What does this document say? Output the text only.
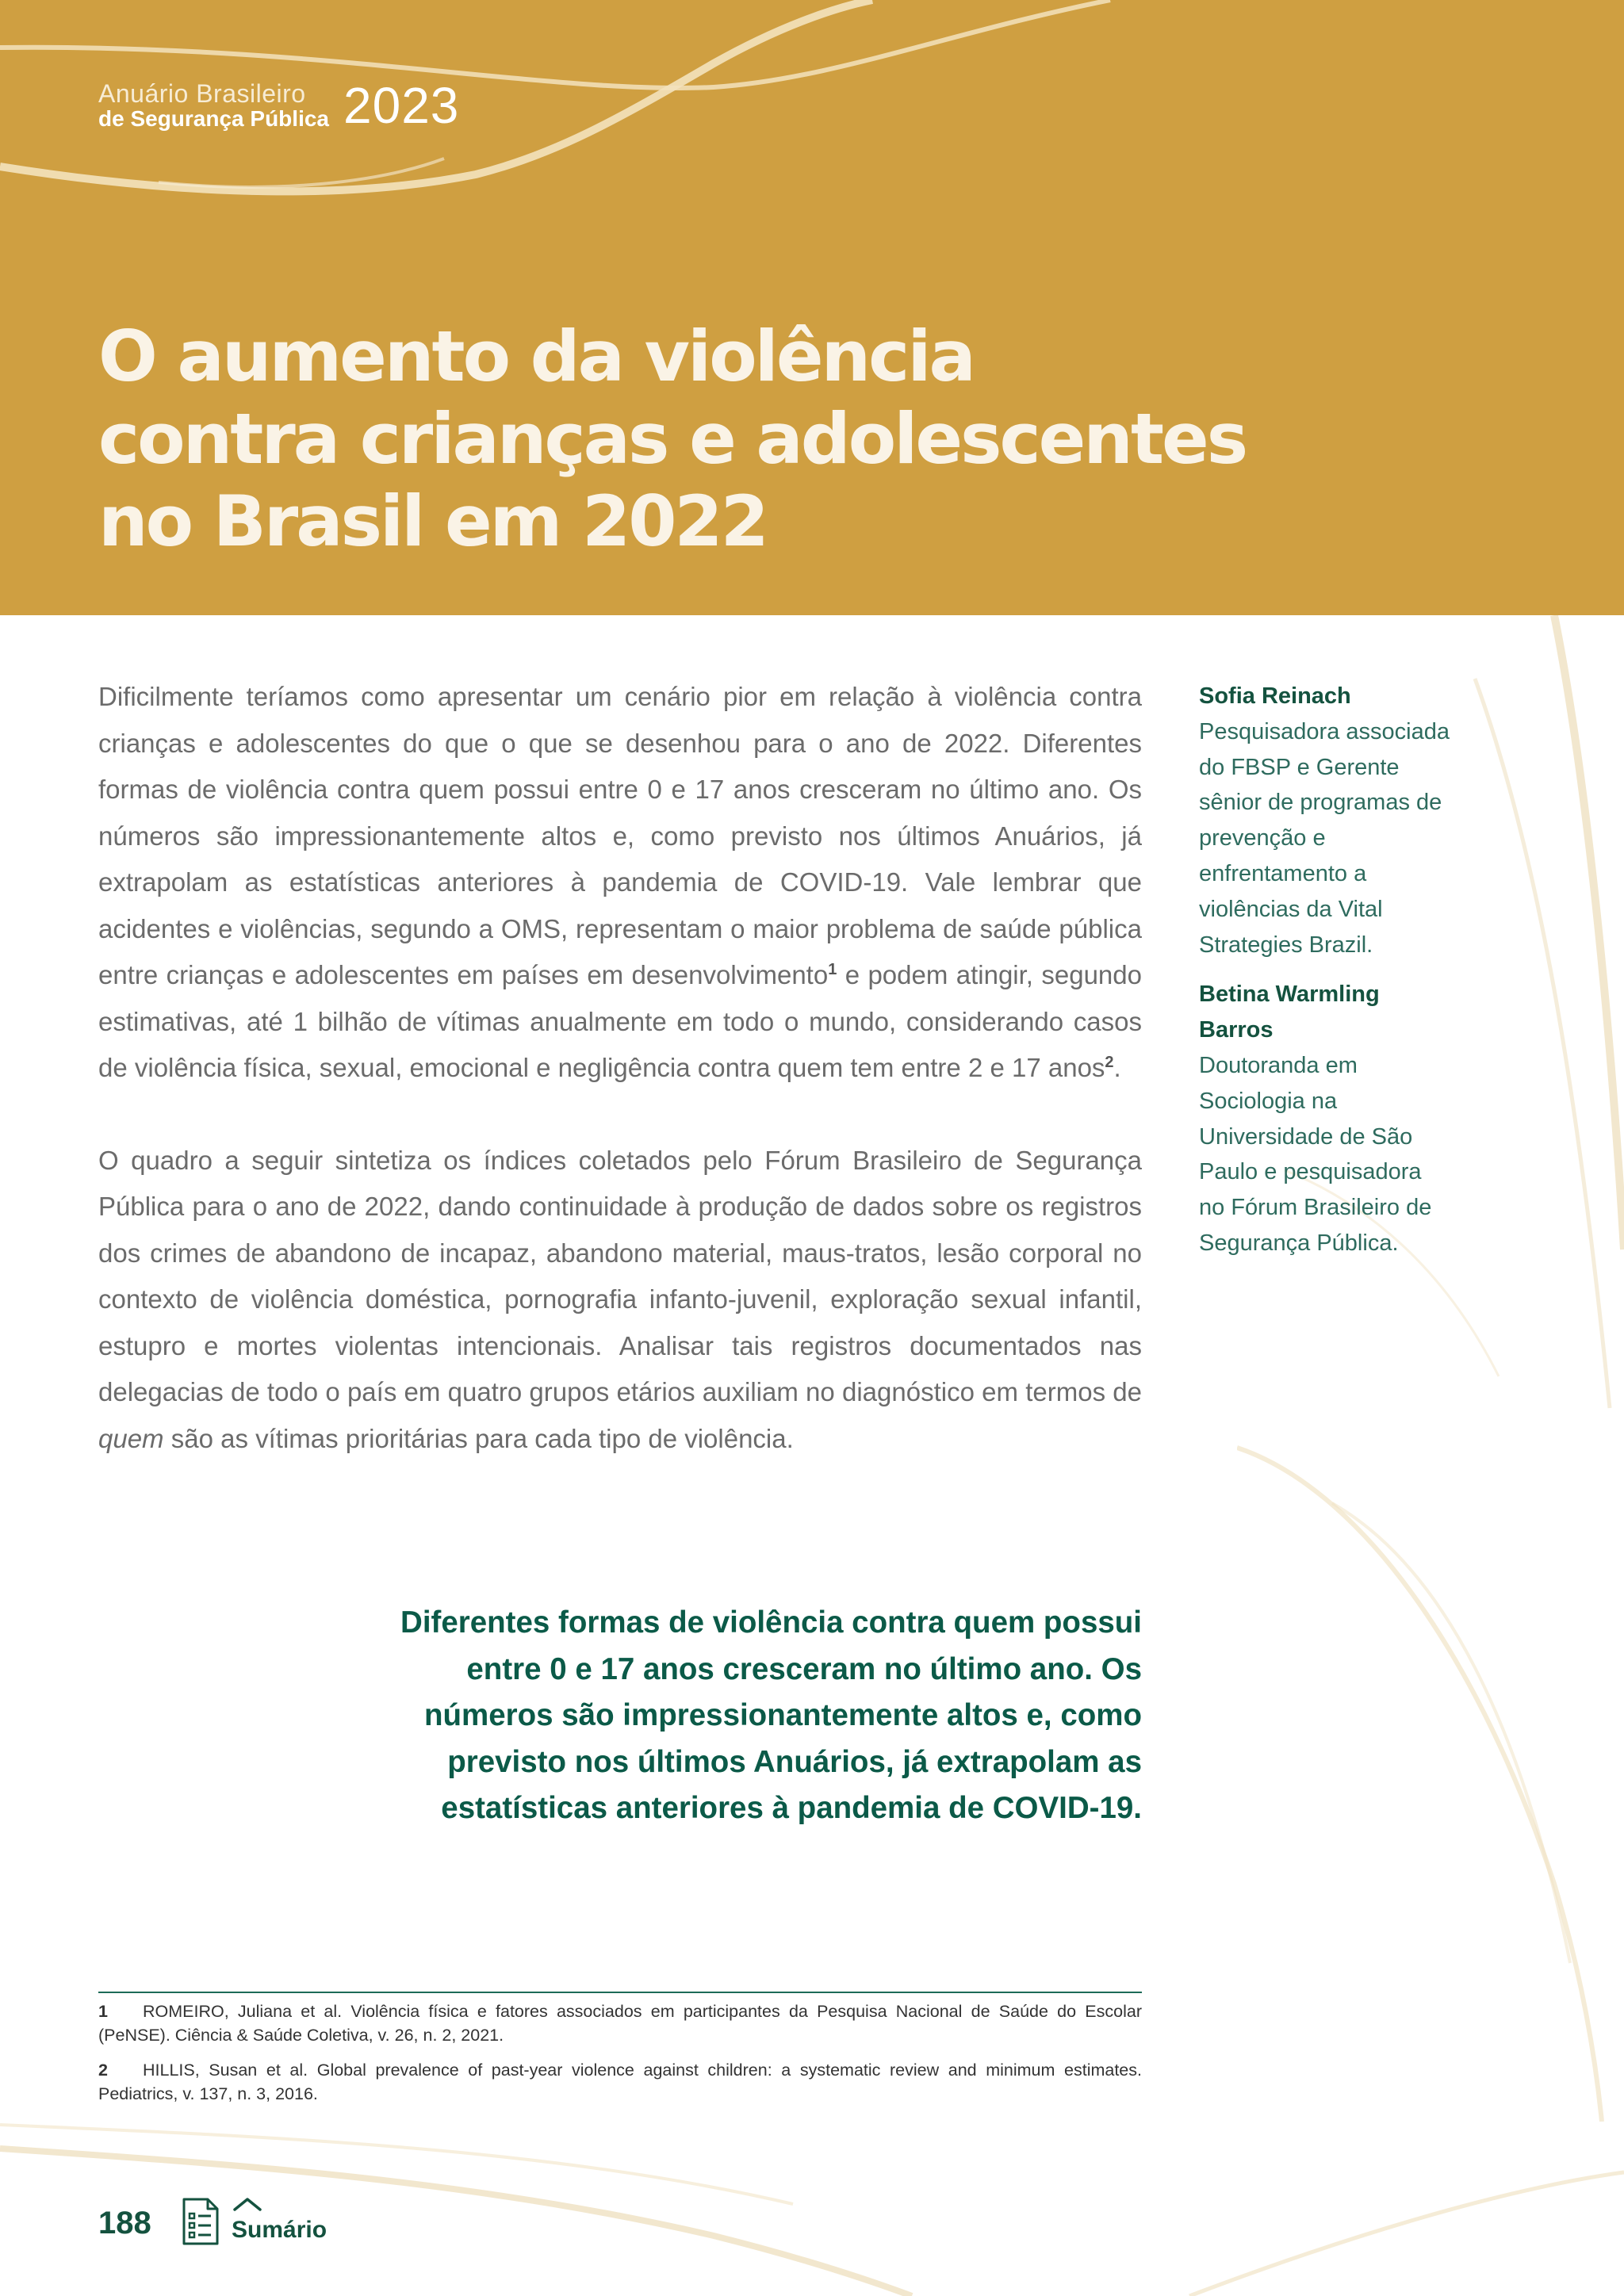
Anuário Brasileiro
de Segurança Pública 2023
O aumento da violência
contra crianças e adolescentes
no Brasil em 2022

Dificilmente teríamos como apresentar um cenário pior em relação à violência contra crianças e adolescentes do que o que se desenhou para o ano de 2022. Diferentes formas de violência contra quem possui entre 0 e 17 anos cresceram no último ano. Os números são impressionantemente altos e, como previsto nos últimos Anuários, já extrapolam as estatísticas anteriores à pandemia de COVID-19. Vale lembrar que acidentes e violências, segundo a OMS, representam o maior problema de saúde pública entre crianças e adolescentes em países em desenvolvimento$^1$ e podem atingir, segundo estimativas, até 1 bilhão de vítimas anualmente em todo o mundo, considerando casos de violência física, sexual, emocional e negligência contra quem tem entre 2 e 17 anos$^2$.

O quadro a seguir sintetiza os índices coletados pelo Fórum Brasileiro de Segurança Pública para o ano de 2022, dando continuidade à produção de dados sobre os registros dos crimes de abandono de incapaz, abandono material, maus-tratos, lesão corporal no contexto de violência doméstica, pornografia infanto-juvenil, exploração sexual infantil, estupro e mortes violentas intencionais. Analisar tais registros documentados nas delegacias de todo o país em quatro grupos etários auxiliam no diagnóstico em termos de quem são as vítimas prioritárias para cada tipo de violência.

Sofia Reinach
Pesquisadora associada do FBSP e Gerente sênior de programas de prevenção e enfrentamento a violências da Vital Strategies Brazil.
Betina Warmling Barros
Doutoranda em Sociologia na Universidade de São Paulo e pesquisadora no Fórum Brasileiro de Segurança Pública.
Diferentes formas de violência contra quem possui entre 0 e 17 anos cresceram no último ano. Os números são impressionantemente altos e, como previsto nos últimos Anuários, já extrapolam as estatísticas anteriores à pandemia de COVID-19.
1 ROMEIRO, Juliana et al. Violência física e fatores associados em participantes da Pesquisa Nacional de Saúde do Escolar (PeNSE). Ciência & Saúde Coletiva, v. 26, n. 2, 2021.
2 HILLIS, Susan et al. Global prevalence of past-year violence against children: a systematic review and minimum estimates. Pediatrics, v. 137, n. 3, 2016.
188	Sumário
